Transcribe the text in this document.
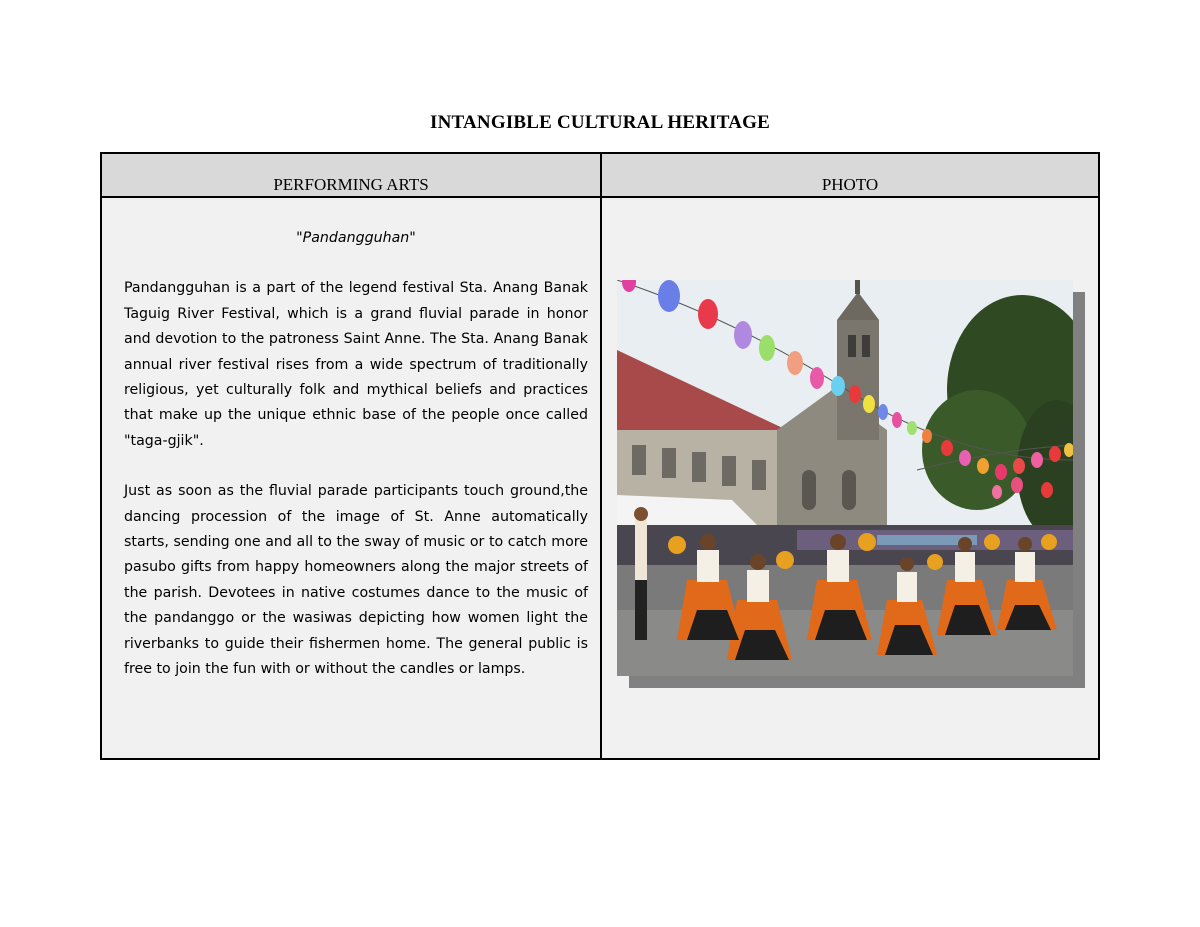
INTANGIBLE CULTURAL HERITAGE
PERFORMING ARTS	PHOTO

"Pandangguhan"

Pandangguhan is a part of the legend festival Sta. Anang Banak Taguig River Festival, which is a grand fluvial parade in honor and devotion to the patroness Saint Anne. The Sta. Anang Banak annual river festival rises from a wide spectrum of traditionally religious, yet culturally folk and mythical beliefs and practices that make up the unique ethnic base of the people once called "taga-gjik".

Just as soon as the fluvial parade participants touch ground,the dancing procession of the image of St. Anne automatically starts, sending one and all to the sway of music or to catch more pasubo gifts from happy homeowners along the major streets of the parish. Devotees in native costumes dance to the music of the pandanggo or the wasiwas depicting how women light the riverbanks to guide their fishermen home. The general public is free to join the fun with or without the candles or lamps.
